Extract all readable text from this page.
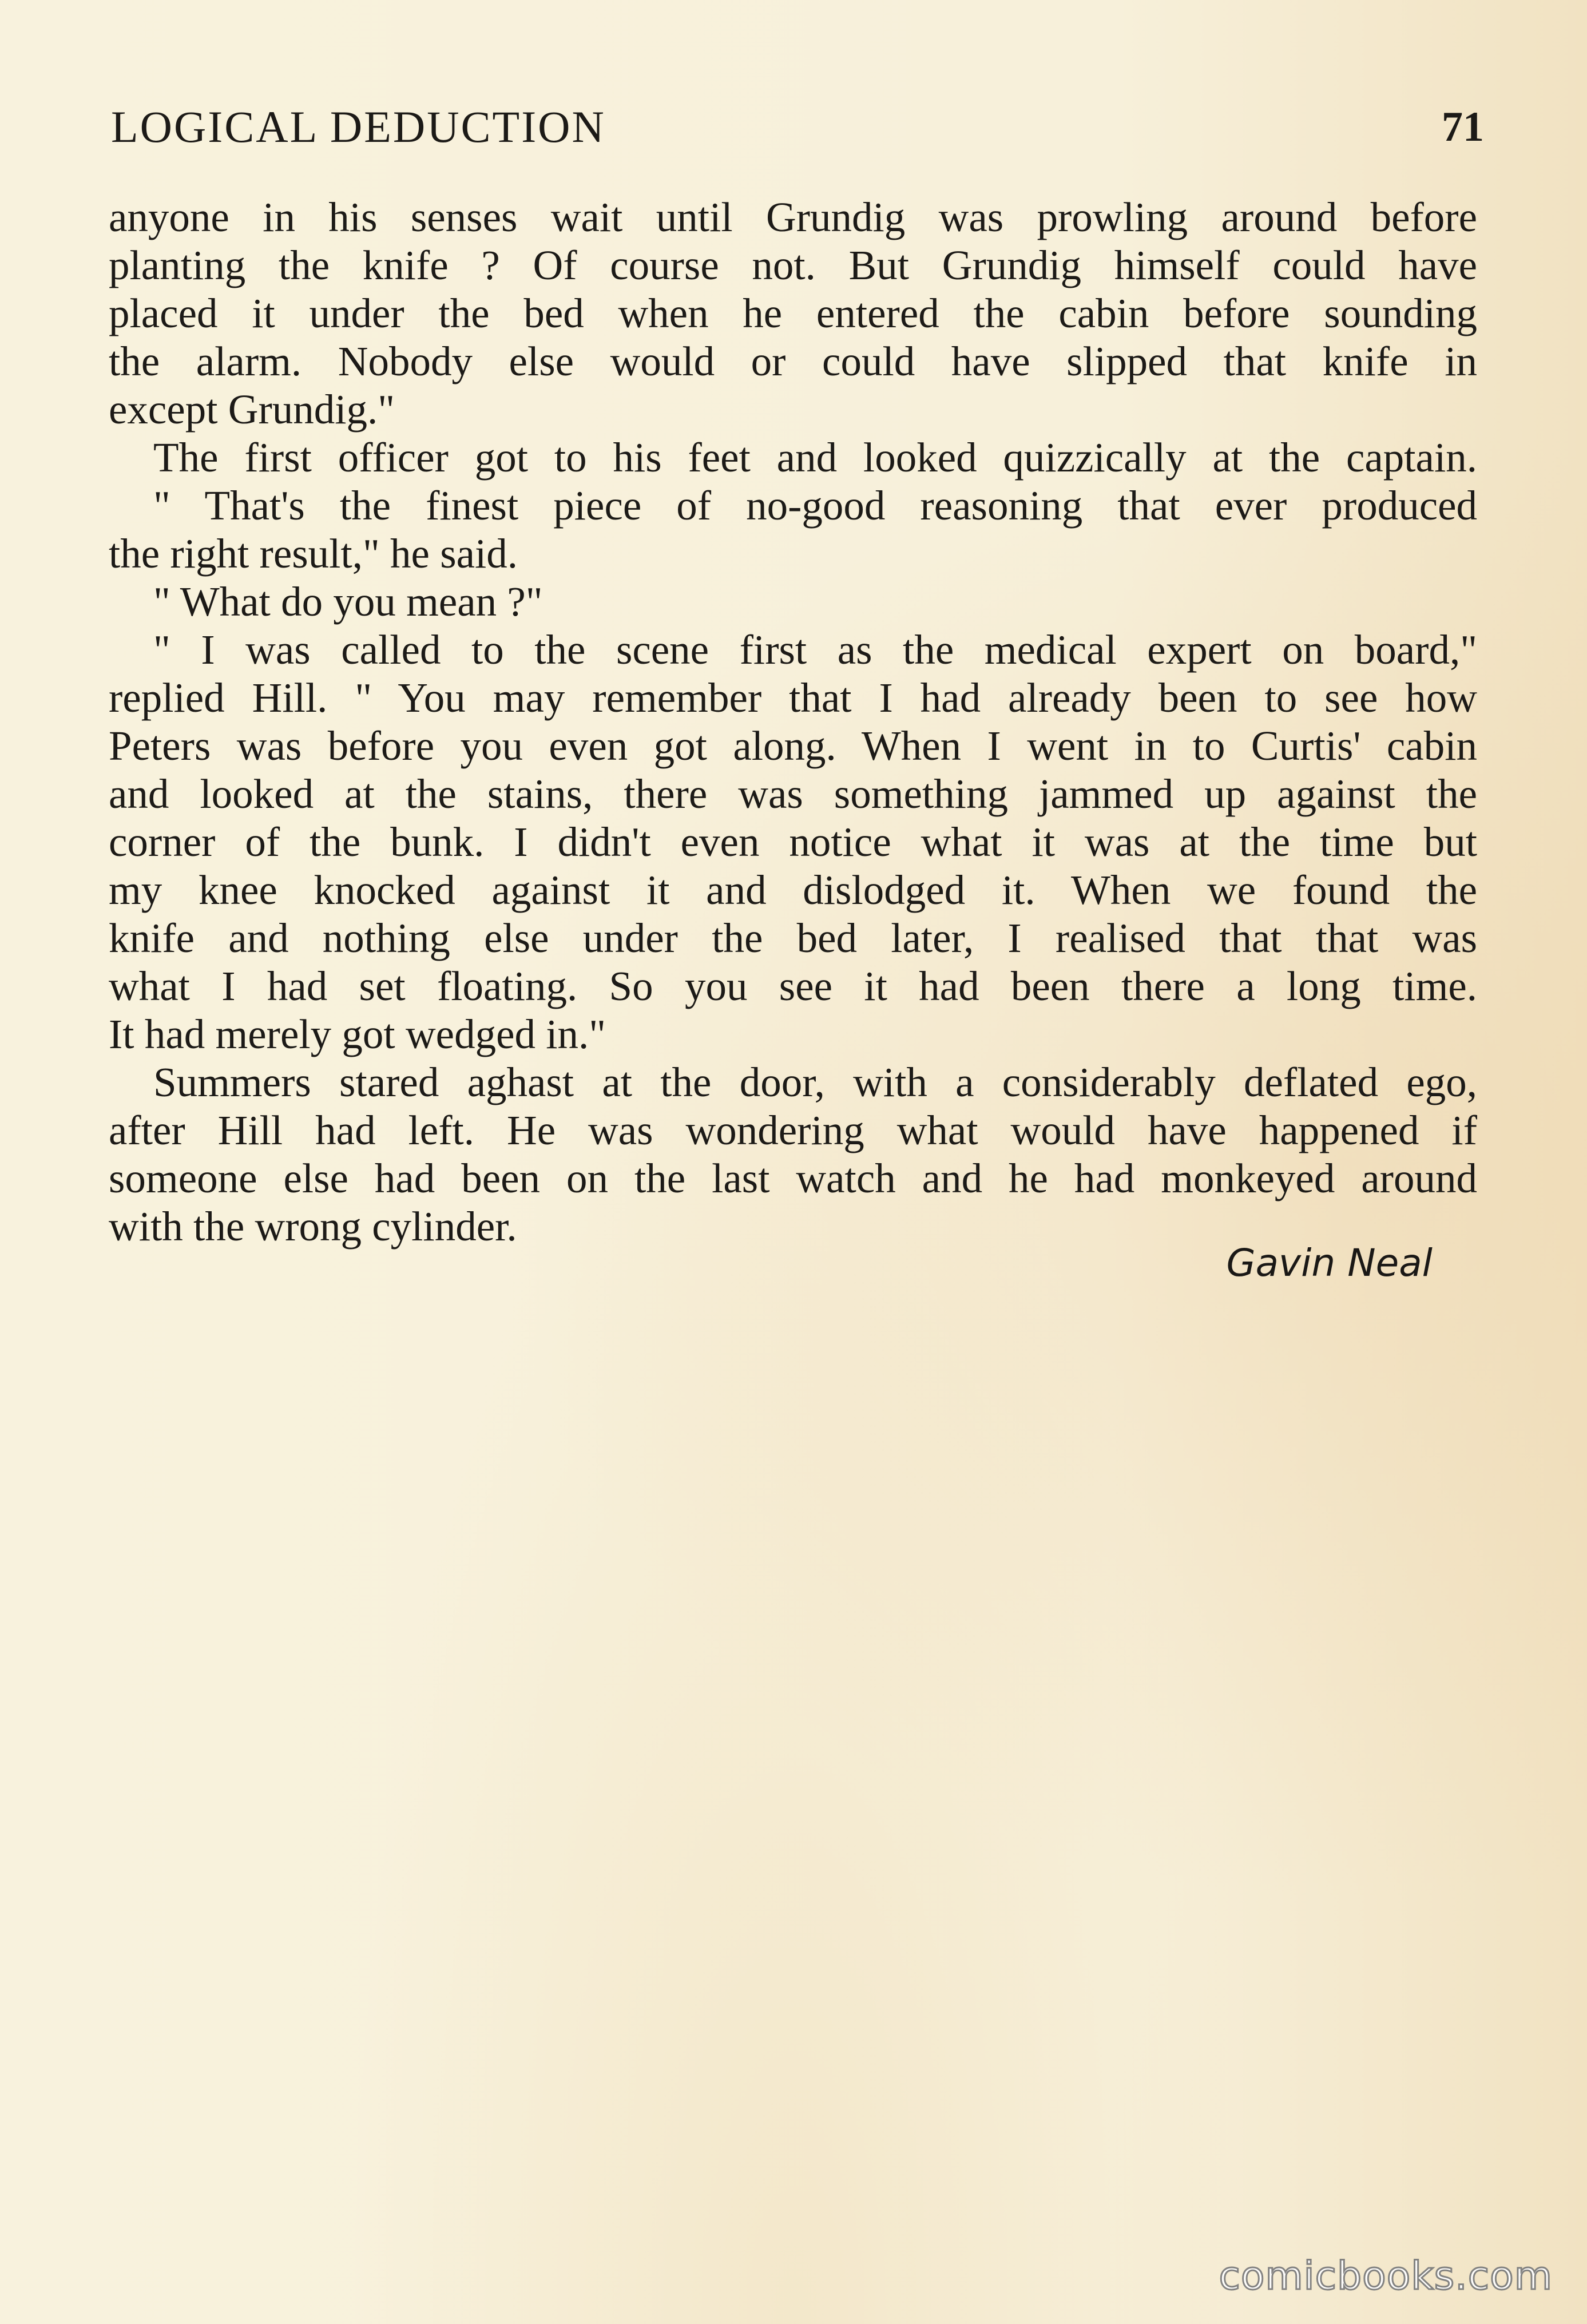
LOGICAL DEDUCTION	71
anyone in his senses wait until Grundig was prowling around before
planting the knife ? Of course not. But Grundig himself could have
placed it under the bed when he entered the cabin before sounding
the alarm. Nobody else would or could have slipped that knife in
except Grundig."
The first officer got to his feet and looked quizzically at the captain.
" That's the finest piece of no-good reasoning that ever produced
the right result," he said.
" What do you mean ?"
" I was called to the scene first as the medical expert on board,"
replied Hill. " You may remember that I had already been to see how
Peters was before you even got along. When I went in to Curtis' cabin
and looked at the stains, there was something jammed up against the
corner of the bunk. I didn't even notice what it was at the time but
my knee knocked against it and dislodged it. When we found the
knife and nothing else under the bed later, I realised that that was
what I had set floating. So you see it had been there a long time.
It had merely got wedged in."
Summers stared aghast at the door, with a considerably deflated ego,
after Hill had left. He was wondering what would have happened if
someone else had been on the last watch and he had monkeyed around
with the wrong cylinder.
Gavin Neal
comicbooks.com
